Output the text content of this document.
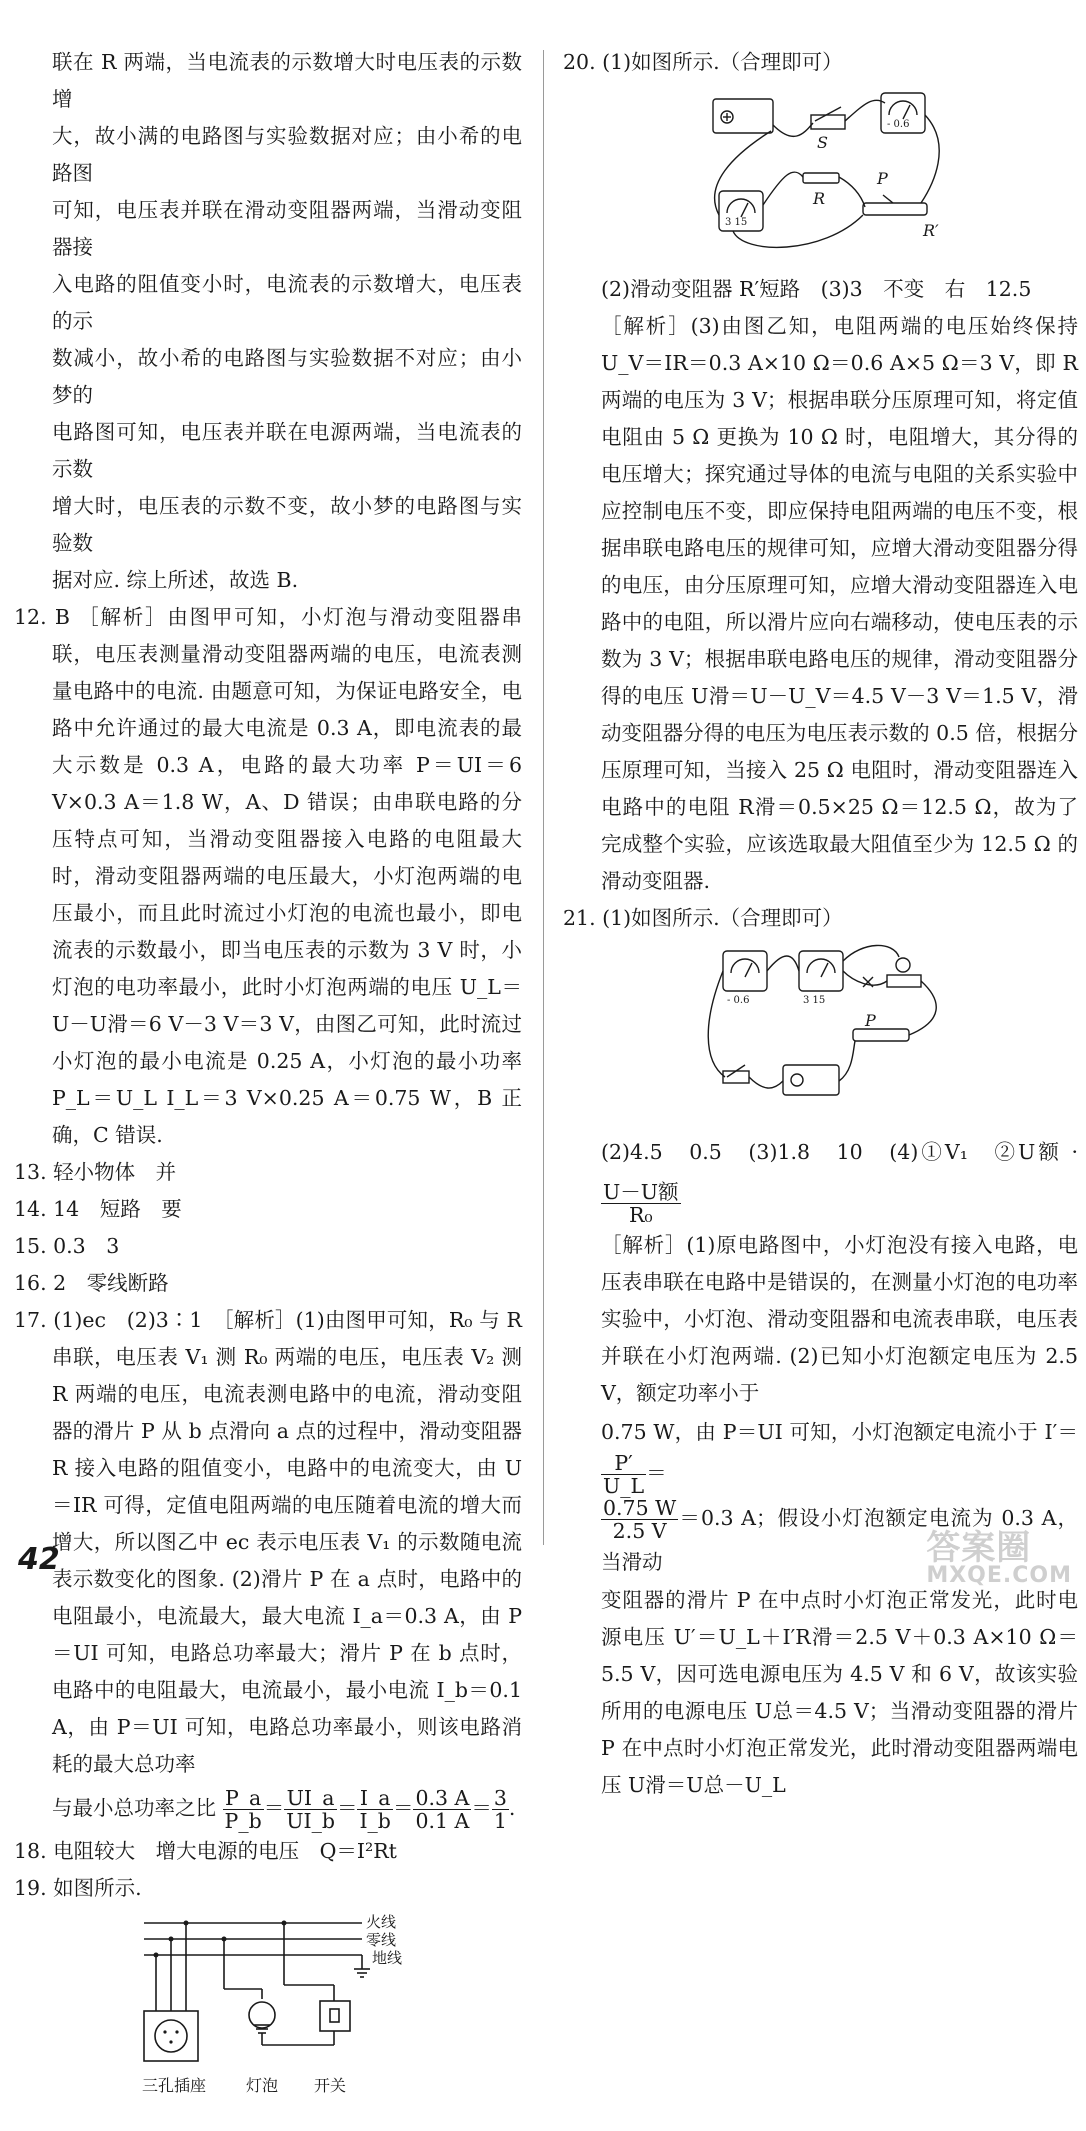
联在 R 两端，当电流表的示数增大时电压表的示数增

大，故小满的电路图与实验数据对应；由小希的电路图

可知，电压表并联在滑动变阻器两端，当滑动变阻器接

入电路的阻值变小时，电流表的示数增大，电压表的示

数减小，故小希的电路图与实验数据不对应；由小梦的

电路图可知，电压表并联在电源两端，当电流表的示数

增大时，电压表的示数不变，故小梦的电路图与实验数

据对应. 综上所述，故选 B.

12. B ［解析］由图甲可知，小灯泡与滑动变阻器串联，电压表测量滑动变阻器两端的电压，电流表测量电路中的电流. 由题意可知，为保证电路安全，电路中允许通过的最大电流是 0.3 A，即电流表的最大示数是 0.3 A，电路的最大功率 P＝UI＝6 V×0.3 A＝1.8 W，A、D 错误；由串联电路的分压特点可知，当滑动变阻器接入电路的电阻最大时，滑动变阻器两端的电压最大，小灯泡两端的电压最小，而且此时流过小灯泡的电流也最小，即电流表的示数最小，即当电压表的示数为 3 V 时，小灯泡的电功率最小，此时小灯泡两端的电压 U_L＝U－U滑＝6 V－3 V＝3 V，由图乙可知，此时流过小灯泡的最小电流是 0.25 A，小灯泡的最小功率 P_L＝U_L I_L＝3 V×0.25 A＝0.75 W，B 正确，C 错误.

13. 轻小物体　并

14. 14　短路　要

15. 0.3　3

16. 2　零线断路

17. (1)ec　(2)3∶1　［解析］(1)由图甲可知，R₀ 与 R 串联，电压表 V₁ 测 R₀ 两端的电压，电压表 V₂ 测 R 两端的电压，电流表测电路中的电流，滑动变阻器的滑片 P 从 b 点滑向 a 点的过程中，滑动变阻器 R 接入电路的阻值变小，电路中的电流变大，由 U＝IR 可得，定值电阻两端的电压随着电流的增大而增大，所以图乙中 ec 表示电压表 V₁ 的示数随电流表示数变化的图象. (2)滑片 P 在 a 点时，电路中的电阻最小，电流最大，最大电流 I_a＝0.3 A，由 P＝UI 可知，电路总功率最大；滑片 P 在 b 点时，电路中的电阻最大，电流最小，最小电流 I_b＝0.1 A，由 P＝UI 可知，电路总功率最小，则该电路消耗的最大总功率

与最小总功率之比 $\frac{P\_a}{P\_b} = \frac{UI\_a}{UI\_b} = \frac{I\_a}{I\_b} = \frac{0.3 A}{0.1 A} = \frac{3}{1}$ .

18. 电阻较大　增大电源的电压　Q＝I²Rt

19. 如图所示.

火线
零线
地线
三孔插座 灯泡 开关

20. (1)如图所示.（合理即可）

S
R
P
R′
- 0.6
3 15

(2)滑动变阻器 R′短路　(3)3　不变　右　12.5

［解析］(3)由图乙知，电阻两端的电压始终保持 U_V＝IR＝0.3 A×10 Ω＝0.6 A×5 Ω＝3 V，即 R 两端的电压为 3 V；根据串联分压原理可知，将定值电阻由 5 Ω 更换为 10 Ω 时，电阻增大，其分得的电压增大；探究通过导体的电流与电阻的关系实验中应控制电压不变，即应保持电阻两端的电压不变，根据串联电路电压的规律可知，应增大滑动变阻器分得的电压，由分压原理可知，应增大滑动变阻器连入电路中的电阻，所以滑片应向右端移动，使电压表的示数为 3 V；根据串联电路电压的规律，滑动变阻器分得的电压 U滑＝U－U_V＝4.5 V－3 V＝1.5 V，滑动变阻器分得的电压为电压表示数的 0.5 倍，根据分压原理可知，当接入 25 Ω 电阻时，滑动变阻器连入电路中的电阻 R滑＝0.5×25 Ω＝12.5 Ω，故为了完成整个实验，应该选取最大阻值至少为 12.5 Ω 的滑动变阻器.

21. (1)如图所示.（合理即可）

P
- 0.6	3 15

(2)4.5　0.5　(3)1.8　10　(4)①V₁　②U额 ·
$\frac{\text{U－U额}}{\text{R₀}}$

［解析］(1)原电路图中，小灯泡没有接入电路，电压表串联在电路中是错误的，在测量小灯泡的电功率实验中，小灯泡、滑动变阻器和电流表串联，电压表并联在小灯泡两端. (2)已知小灯泡额定电压为 2.5 V，额定功率小于

0.75 W，由 P＝UI 可知，小灯泡额定电流小于 I′＝
$\frac{P'}{U\_L}$ ＝

$\frac{0.75 W}{2.5 V} =0.3$ A；假设小灯泡额定电流为 0.3 A，当滑动

变阻器的滑片 P 在中点时小灯泡正常发光，此时电源电压 U′＝U_L＋I′R滑＝2.5 V＋0.3 A×10 Ω＝5.5 V，因可选电源电压为 4.5 V 和 6 V，故该实验所用的电源电压 U总＝4.5 V；当滑动变阻器的滑片 P 在中点时小灯泡正常发光，此时滑动变阻器两端电压 U滑＝U总－U_L

42	答案圈
MXQE.COM
